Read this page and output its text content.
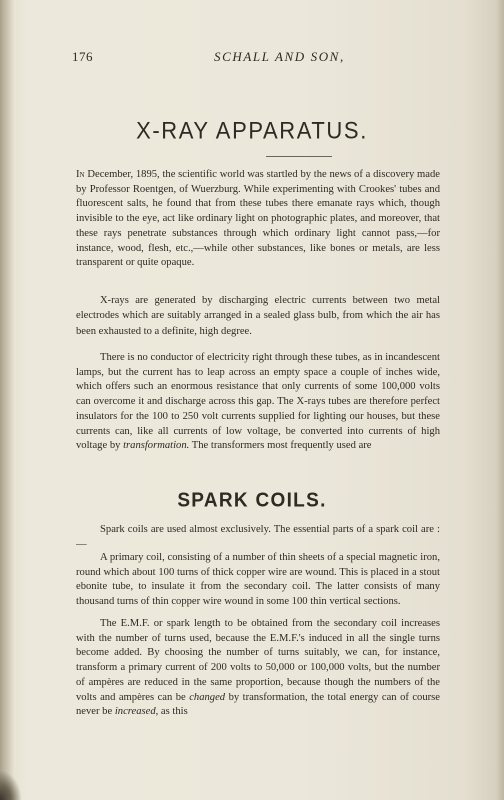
176	SCHALL AND SON,
X-RAY APPARATUS.

In December, 1895, the scientific world was startled by the news of a discovery made by Professor Roentgen, of Wuerzburg. While experimenting with Crookes' tubes and fluorescent salts, he found that from these tubes there emanate rays which, though invisible to the eye, act like ordinary light on photographic plates, and moreover, that these rays penetrate substances through which ordinary light cannot pass,—for instance, wood, flesh, etc.,—while other substances, like bones or metals, are less transparent or quite opaque.

X-rays are generated by discharging electric currents between two metal electrodes which are suitably arranged in a sealed glass bulb, from which the air has been exhausted to a definite, high degree.

There is no conductor of electricity right through these tubes, as in incandescent lamps, but the current has to leap across an empty space a couple of inches wide, which offers such an enormous resistance that only currents of some 100,000 volts can overcome it and discharge across this gap. The X-rays tubes are therefore perfect insulators for the 100 to 250 volt currents supplied for lighting our houses, but these currents can, like all currents of low voltage, be converted into currents of high voltage by transformation. The transformers most frequently used are

SPARK COILS.

Spark coils are used almost exclusively. The essential parts of a spark coil are :—

A primary coil, consisting of a number of thin sheets of a special magnetic iron, round which about 100 turns of thick copper wire are wound. This is placed in a stout ebonite tube, to insulate it from the secondary coil. The latter consists of many thousand turns of thin copper wire wound in some 100 thin vertical sections.

The E.M.F. or spark length to be obtained from the secondary coil increases with the number of turns used, because the E.M.F.'s induced in all the single turns become added. By choosing the number of turns suitably, we can, for instance, transform a primary current of 200 volts to 50,000 or 100,000 volts, but the number of ampères are reduced in the same proportion, because though the numbers of the volts and ampères can be changed by transformation, the total energy can of course never be increased, as this
